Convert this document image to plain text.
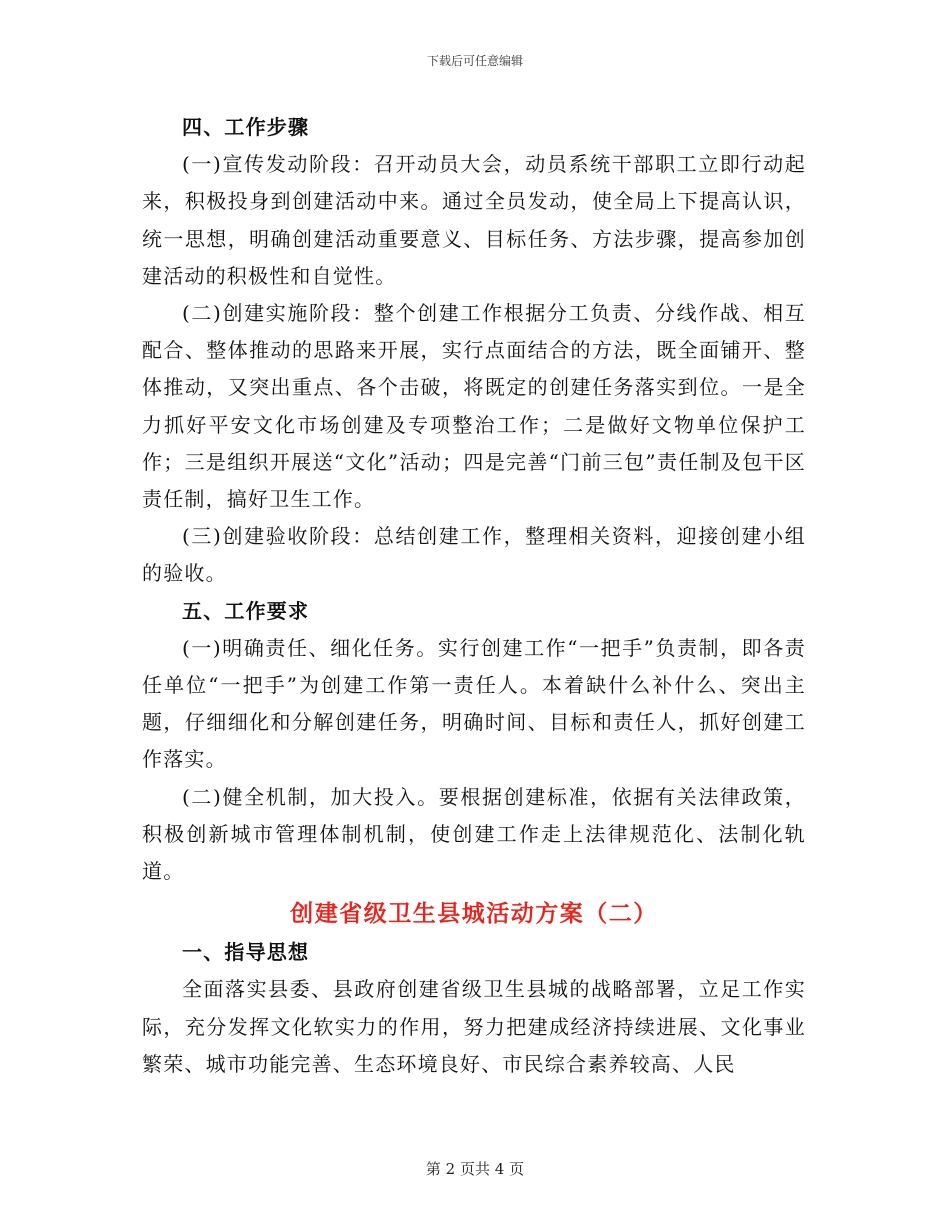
下载后可任意编辑

四、工作步骤

(一)宣传发动阶段：召开动员大会，动员系统干部职工立即行动起来，积极投身到创建活动中来。通过全员发动，使全局上下提高认识，统一思想，明确创建活动重要意义、目标任务、方法步骤，提高参加创建活动的积极性和自觉性。

(二)创建实施阶段：整个创建工作根据分工负责、分线作战、相互配合、整体推动的思路来开展，实行点面结合的方法，既全面铺开、整体推动，又突出重点、各个击破，将既定的创建任务落实到位。一是全力抓好平安文化市场创建及专项整治工作；二是做好文物单位保护工作；三是组织开展送“文化”活动；四是完善“门前三包”责任制及包干区责任制，搞好卫生工作。

(三)创建验收阶段：总结创建工作，整理相关资料，迎接创建小组的验收。

五、工作要求

(一)明确责任、细化任务。实行创建工作“一把手”负责制，即各责任单位“一把手”为创建工作第一责任人。本着缺什么补什么、突出主题，仔细细化和分解创建任务，明确时间、目标和责任人，抓好创建工作落实。

(二)健全机制，加大投入。要根据创建标准，依据有关法律政策，积极创新城市管理体制机制，使创建工作走上法律规范化、法制化轨道。

创建省级卫生县城活动方案（二）

一、指导思想

全面落实县委、县政府创建省级卫生县城的战略部署，立足工作实际，充分发挥文化软实力的作用，努力把建成经济持续进展、文化事业繁荣、城市功能完善、生态环境良好、市民综合素养较高、人民

第 2 页共 4 页
